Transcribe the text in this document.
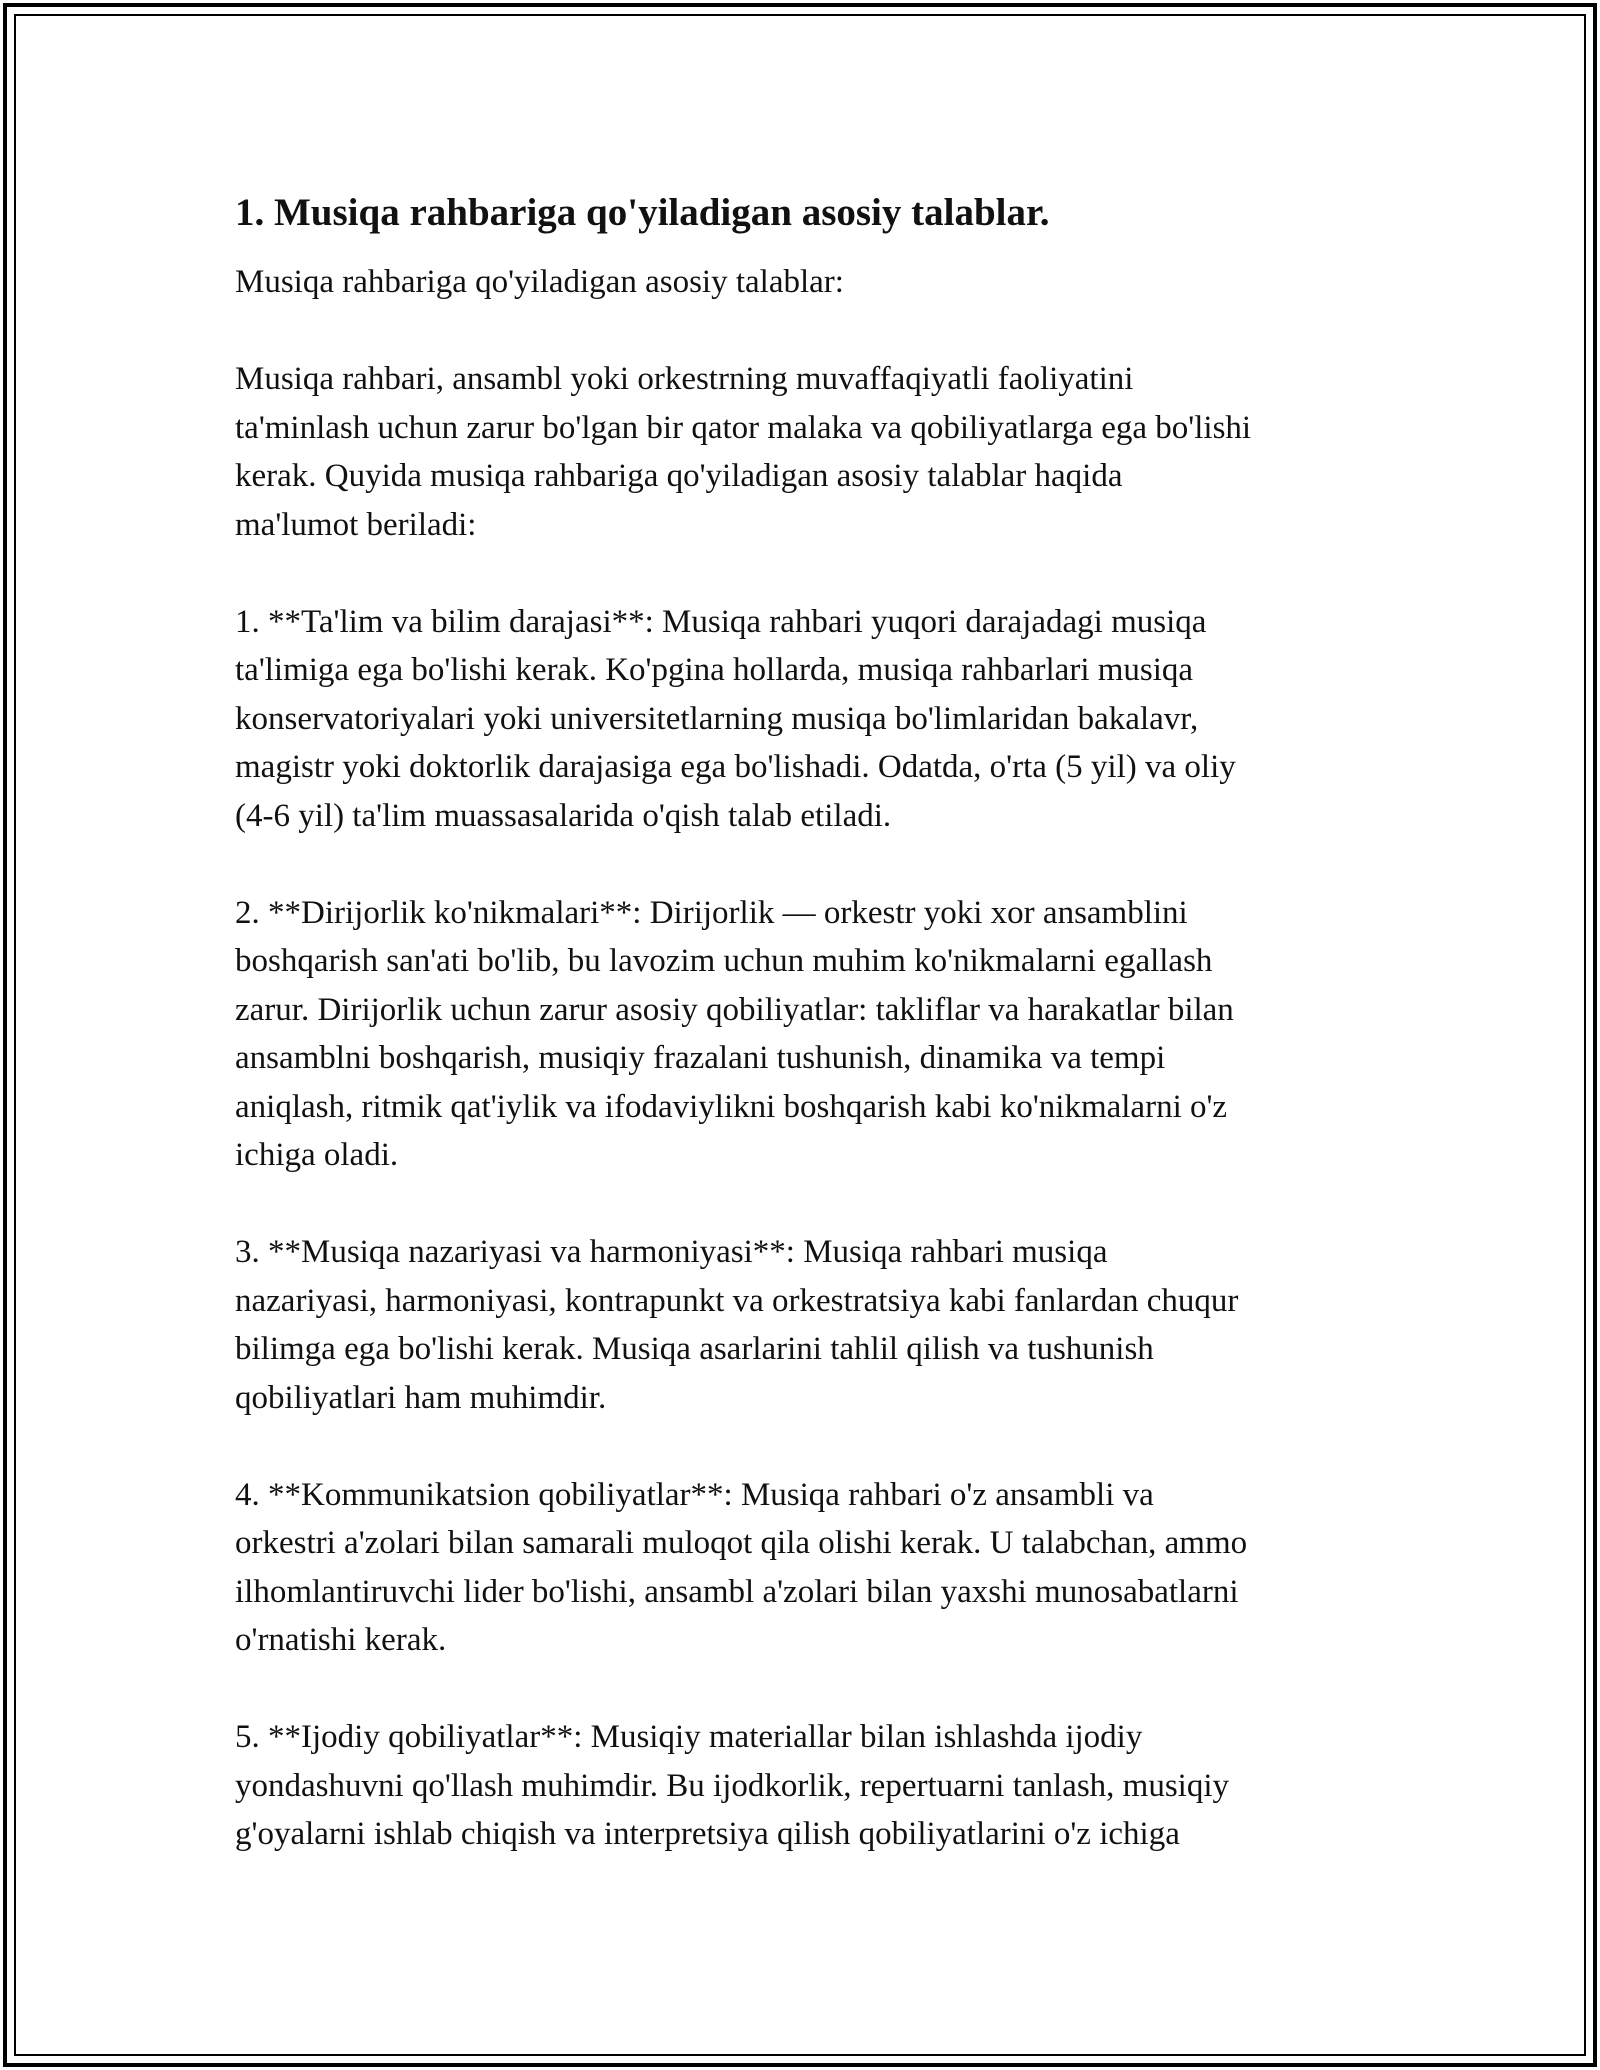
1. Musiqa rahbariga qo'yiladigan asosiy talablar.

Musiqa rahbariga qo'yiladigan asosiy talablar:

Musiqa rahbari, ansambl yoki orkestrning muvaffaqiyatli faoliyatini
ta'minlash uchun zarur bo'lgan bir qator malaka va qobiliyatlarga ega bo'lishi
kerak. Quyida musiqa rahbariga qo'yiladigan asosiy talablar haqida
ma'lumot beriladi:

1. **Ta'lim va bilim darajasi**: Musiqa rahbari yuqori darajadagi musiqa
ta'limiga ega bo'lishi kerak. Ko'pgina hollarda, musiqa rahbarlari musiqa
konservatoriyalari yoki universitetlarning musiqa bo'limlaridan bakalavr,
magistr yoki doktorlik darajasiga ega bo'lishadi. Odatda, o'rta (5 yil) va oliy
(4-6 yil) ta'lim muassasalarida o'qish talab etiladi.

2. **Dirijorlik ko'nikmalari**: Dirijorlik — orkestr yoki xor ansamblini
boshqarish san'ati bo'lib, bu lavozim uchun muhim ko'nikmalarni egallash
zarur. Dirijorlik uchun zarur asosiy qobiliyatlar: takliflar va harakatlar bilan
ansamblni boshqarish, musiqiy frazalani tushunish, dinamika va tempi
aniqlash, ritmik qat'iylik va ifodaviylikni boshqarish kabi ko'nikmalarni o'z
ichiga oladi.

3. **Musiqa nazariyasi va harmoniyasi**: Musiqa rahbari musiqa
nazariyasi, harmoniyasi, kontrapunkt va orkestratsiya kabi fanlardan chuqur
bilimga ega bo'lishi kerak. Musiqa asarlarini tahlil qilish va tushunish
qobiliyatlari ham muhimdir.

4. **Kommunikatsion qobiliyatlar**: Musiqa rahbari o'z ansambli va
orkestri a'zolari bilan samarali muloqot qila olishi kerak. U talabchan, ammo
ilhomlantiruvchi lider bo'lishi, ansambl a'zolari bilan yaxshi munosabatlarni
o'rnatishi kerak.

5. **Ijodiy qobiliyatlar**: Musiqiy materiallar bilan ishlashda ijodiy
yondashuvni qo'llash muhimdir. Bu ijodkorlik, repertuarni tanlash, musiqiy
g'oyalarni ishlab chiqish va interpretsiya qilish qobiliyatlarini o'z ichiga
